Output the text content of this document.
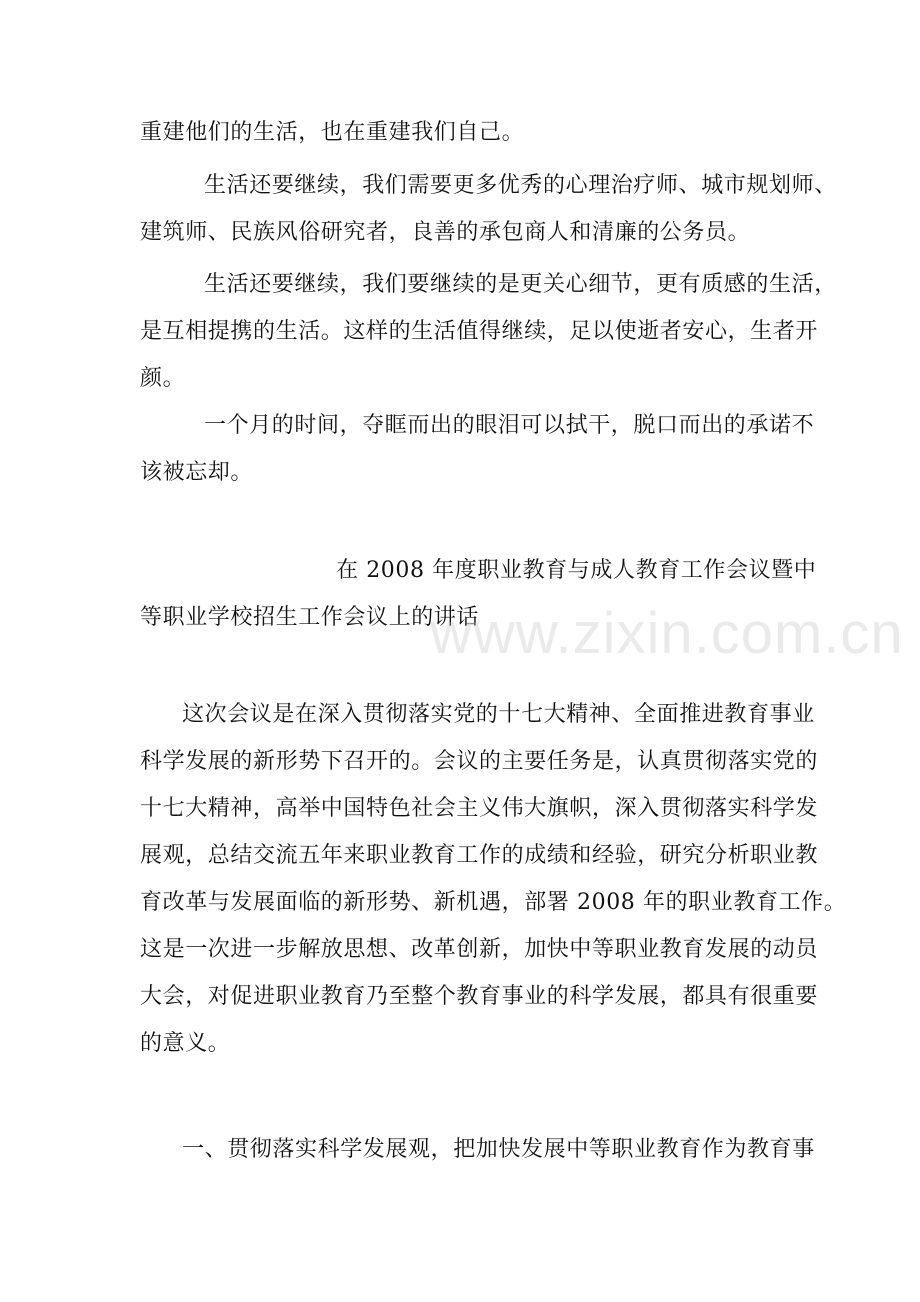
重建他们的生活，也在重建我们自己。
生活还要继续，我们需要更多优秀的心理治疗师、城市规划师、
建筑师、民族风俗研究者，良善的承包商人和清廉的公务员。
生活还要继续，我们要继续的是更关心细节，更有质感的生活，
是互相提携的生活。这样的生活值得继续，足以使逝者安心，生者开
颜。
一个月的时间，夺眶而出的眼泪可以拭干，脱口而出的承诺不
该被忘却。
在 2008 年度职业教育与成人教育工作会议暨中
等职业学校招生工作会议上的讲话
这次会议是在深入贯彻落实党的十七大精神、全面推进教育事业
科学发展的新形势下召开的。会议的主要任务是，认真贯彻落实党的
十七大精神，高举中国特色社会主义伟大旗帜，深入贯彻落实科学发
展观，总结交流五年来职业教育工作的成绩和经验，研究分析职业教
育改革与发展面临的新形势、新机遇，部署 2008 年的职业教育工作。
这是一次进一步解放思想、改革创新，加快中等职业教育发展的动员
大会，对促进职业教育乃至整个教育事业的科学发展，都具有很重要
的意义。
一、贯彻落实科学发展观，把加快发展中等职业教育作为教育事
www.zixin.com.cn
